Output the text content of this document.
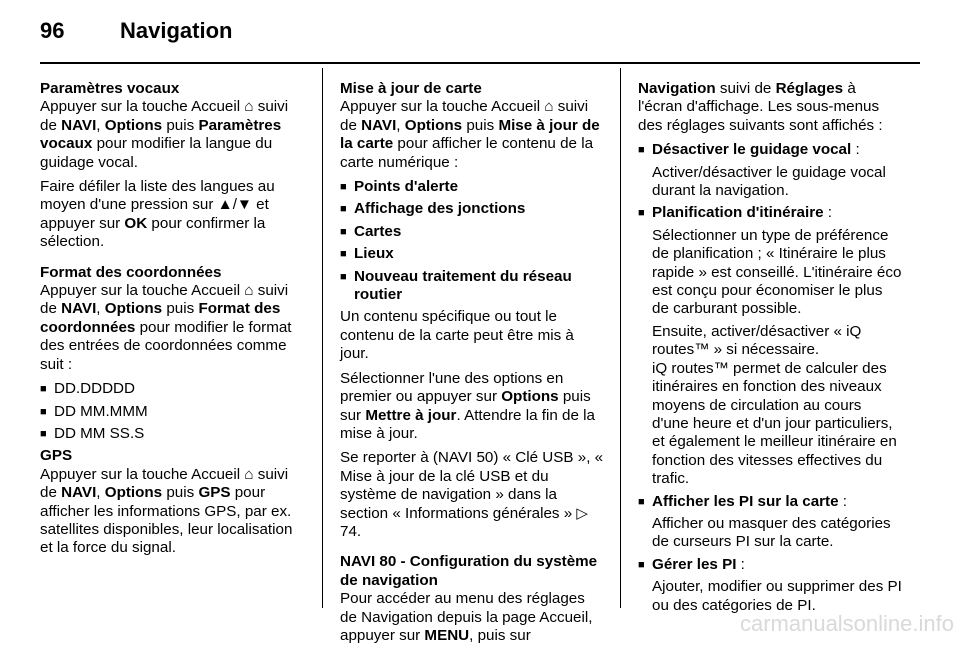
96	Navigation
Paramètres vocaux
Appuyer sur la touche Accueil ⌂ suivi de NAVI, Options puis Paramètres vocaux pour modifier la langue du guidage vocal.
Faire défiler la liste des langues au moyen d'une pression sur ▲/▼ et appuyer sur OK pour confirmer la sélection.
Format des coordonnées
Appuyer sur la touche Accueil ⌂ suivi de NAVI, Options puis Format des coordonnées pour modifier le format des entrées de coordonnées comme suit :
■ DD.DDDDD
■ DD MM.MMM
■ DD MM SS.S
GPS
Appuyer sur la touche Accueil ⌂ suivi de NAVI, Options puis GPS pour afficher les informations GPS, par ex. satellites disponibles, leur localisation et la force du signal.
Mise à jour de carte
Appuyer sur la touche Accueil ⌂ suivi de NAVI, Options puis Mise à jour de la carte pour afficher le contenu de la carte numérique :
■ Points d'alerte
■ Affichage des jonctions
■ Cartes
■ Lieux
■ Nouveau traitement du réseau routier
Un contenu spécifique ou tout le contenu de la carte peut être mis à jour.
Sélectionner l'une des options en premier ou appuyer sur Options puis sur Mettre à jour. Attendre la fin de la mise à jour.
Se reporter à (NAVI 50) « Clé USB », « Mise à jour de la clé USB et du système de navigation » dans la section « Informations générales » ▷ 74.
NAVI 80 - Configuration du système de navigation
Pour accéder au menu des réglages de Navigation depuis la page Accueil, appuyer sur MENU, puis sur
Navigation suivi de Réglages à l'écran d'affichage. Les sous-menus des réglages suivants sont affichés :
■ Désactiver le guidage vocal :
Activer/désactiver le guidage vocal durant la navigation.
■ Planification d'itinéraire :
Sélectionner un type de préférence de planification ; « Itinéraire le plus rapide » est conseillé. L'itinéraire éco est conçu pour économiser le plus de carburant possible.
Ensuite, activer/désactiver « iQ routes™ » si nécessaire.
iQ routes™ permet de calculer des itinéraires en fonction des niveaux moyens de circulation au cours d'une heure et d'un jour particuliers, et également le meilleur itinéraire en fonction des vitesses effectives du trafic.
■ Afficher les PI sur la carte :
Afficher ou masquer des catégories de curseurs PI sur la carte.
■ Gérer les PI :
Ajouter, modifier ou supprimer des PI ou des catégories de PI.
carmanualsonline.info
